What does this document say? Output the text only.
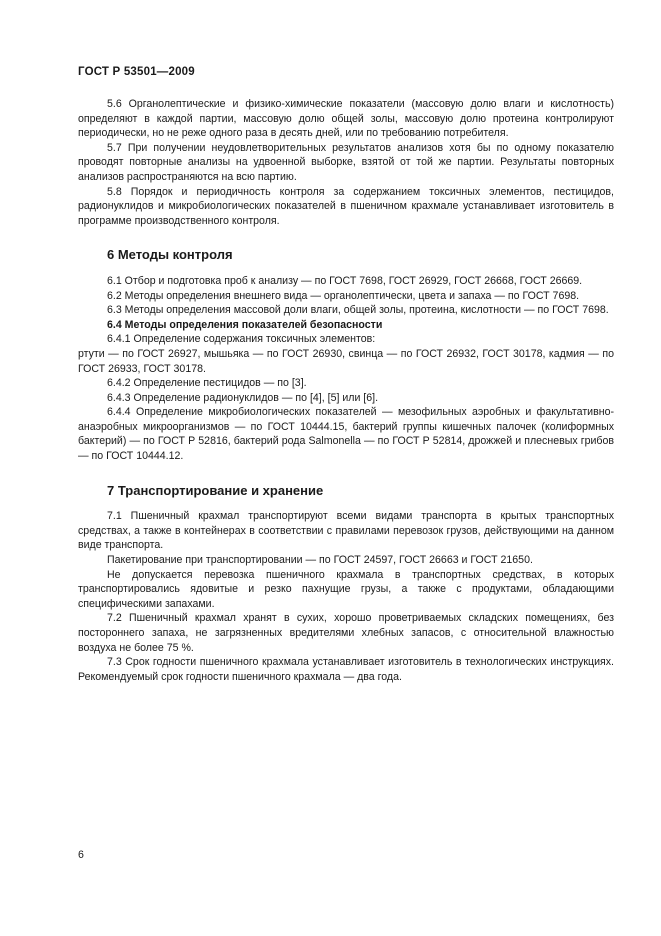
ГОСТ Р 53501—2009

5.6 Органолептические и физико-химические показатели (массовую долю влаги и кислотность) определяют в каждой партии, массовую долю общей золы, массовую долю протеина контролируют периодически, но не реже одного раза в десять дней, или по требованию потребителя.

5.7 При получении неудовлетворительных результатов анализов хотя бы по одному показателю проводят повторные анализы на удвоенной выборке, взятой от той же партии. Результаты повторных анализов распространяются на всю партию.

5.8 Порядок и периодичность контроля за содержанием токсичных элементов, пестицидов, радионуклидов и микробиологических показателей в пшеничном крахмале устанавливает изготовитель в программе производственного контроля.

6 Методы контроля

6.1 Отбор и подготовка проб к анализу — по ГОСТ 7698, ГОСТ 26929, ГОСТ 26668, ГОСТ 26669.

6.2 Методы определения внешнего вида — органолептически, цвета и запаха — по ГОСТ 7698.

6.3 Методы определения массовой доли влаги, общей золы, протеина, кислотности — по ГОСТ 7698.

6.4 Методы определения показателей безопасности

6.4.1 Определение содержания токсичных элементов:

ртути — по ГОСТ 26927, мышьяка — по ГОСТ 26930, свинца — по ГОСТ 26932, ГОСТ 30178, кадмия — по ГОСТ 26933, ГОСТ 30178.

6.4.2 Определение пестицидов — по [3].

6.4.3 Определение радионуклидов — по [4], [5] или [6].

6.4.4 Определение микробиологических показателей — мезофильных аэробных и факультативно-анаэробных микроорганизмов — по ГОСТ 10444.15, бактерий группы кишечных палочек (колиформных бактерий) — по ГОСТ Р 52816, бактерий рода Salmonella — по ГОСТ Р 52814, дрожжей и плесневых грибов — по ГОСТ 10444.12.

7 Транспортирование и хранение

7.1 Пшеничный крахмал транспортируют всеми видами транспорта в крытых транспортных средствах, а также в контейнерах в соответствии с правилами перевозок грузов, действующими на данном виде транспорта.

Пакетирование при транспортировании — по ГОСТ 24597, ГОСТ 26663 и ГОСТ 21650.

Не допускается перевозка пшеничного крахмала в транспортных средствах, в которых транспортировались ядовитые и резко пахнущие грузы, а также с продуктами, обладающими специфическими запахами.

7.2 Пшеничный крахмал хранят в сухих, хорошо проветриваемых складских помещениях, без постороннего запаха, не загрязненных вредителями хлебных запасов, с относительной влажностью воздуха не более 75 %.

7.3 Срок годности пшеничного крахмала устанавливает изготовитель в технологических инструкциях. Рекомендуемый срок годности пшеничного крахмала — два года.

6
